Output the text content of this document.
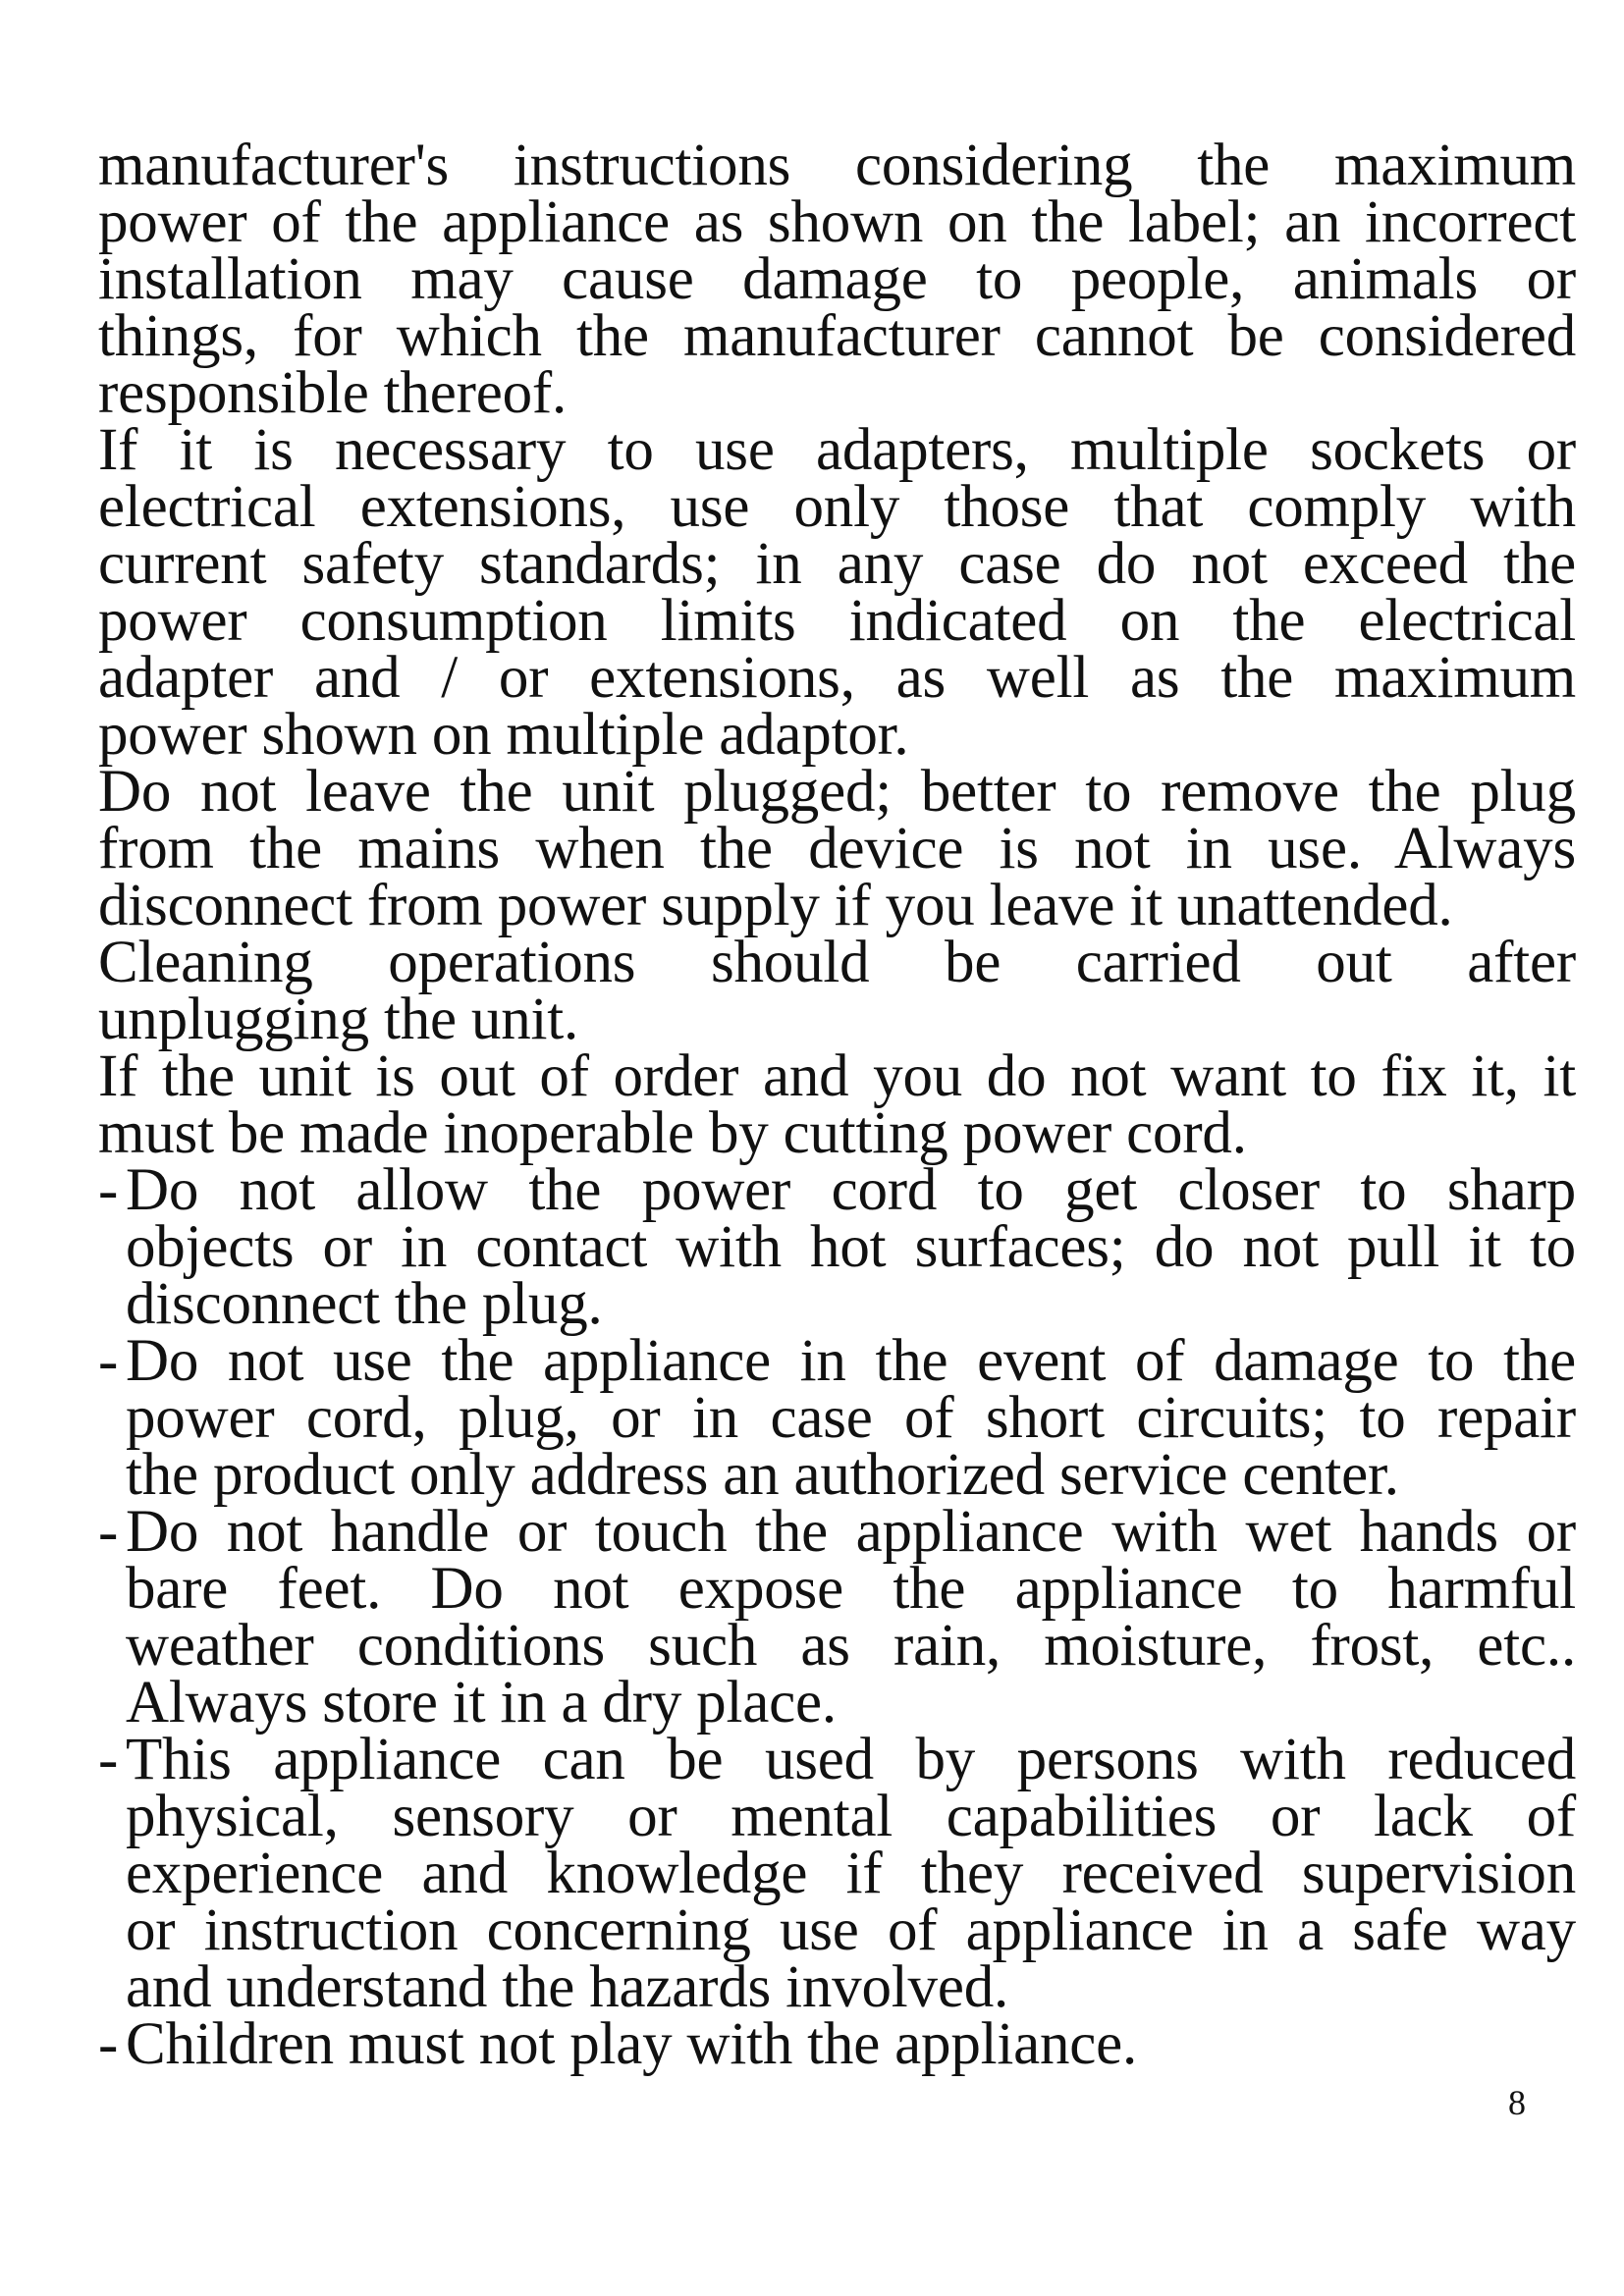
manufacturer's instructions considering the maximum
power of the appliance as shown on the label; an incorrect
installation may cause damage to people, animals or
things, for which the manufacturer cannot be considered
responsible thereof.
If it is necessary to use adapters, multiple sockets or
electrical extensions, use only those that comply with
current safety standards; in any case do not exceed the
power consumption limits indicated on the electrical
adapter and / or extensions, as well as the maximum
power shown on multiple adaptor.
Do not leave the unit plugged; better to remove the plug
from the mains when the device is not in use. Always
disconnect from power supply if you leave it unattended.
Cleaning operations should be carried out after
unplugging the unit.
If the unit is out of order and you do not want to fix it, it
must be made inoperable by cutting power cord.
- Do not allow the power cord to get closer to sharp
objects or in contact with hot surfaces; do not pull it to
disconnect the plug.
- Do not use the appliance in the event of damage to the
power cord, plug, or in case of short circuits; to repair
the product only address an authorized service center.
- Do not handle or touch the appliance with wet hands or
bare feet. Do not expose the appliance to harmful
weather conditions such as rain, moisture, frost, etc..
Always store it in a dry place.
- This appliance can be used by persons with reduced
physical, sensory or mental capabilities or lack of
experience and knowledge if they received supervision
or instruction concerning use of appliance in a safe way
and understand the hazards involved.
- Children must not play with the appliance.
8
